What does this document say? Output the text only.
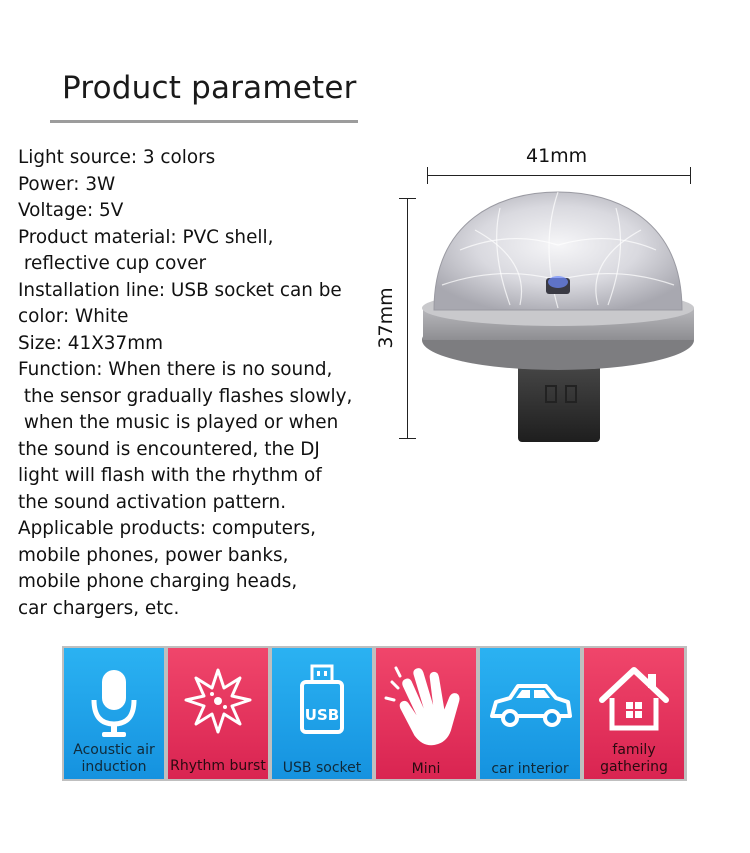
Product parameter
Light source: 3 colors
Power: 3W
Voltage: 5V
Product material: PVC shell,
reflective cup cover
Installation line: USB socket can be
color: White
Size: 41X37mm
Function: When there is no sound,
the sensor gradually flashes slowly,
when the music is played or when
the sound is encountered, the DJ
light will flash with the rhythm of
the sound activation pattern.
Applicable products: computers,
mobile phones, power banks,
mobile phone charging heads,
car chargers, etc.
41mm
37mm
Acoustic air
induction	Rhythm burst
USB
USB socket	Mini	car interior
family
gathering
